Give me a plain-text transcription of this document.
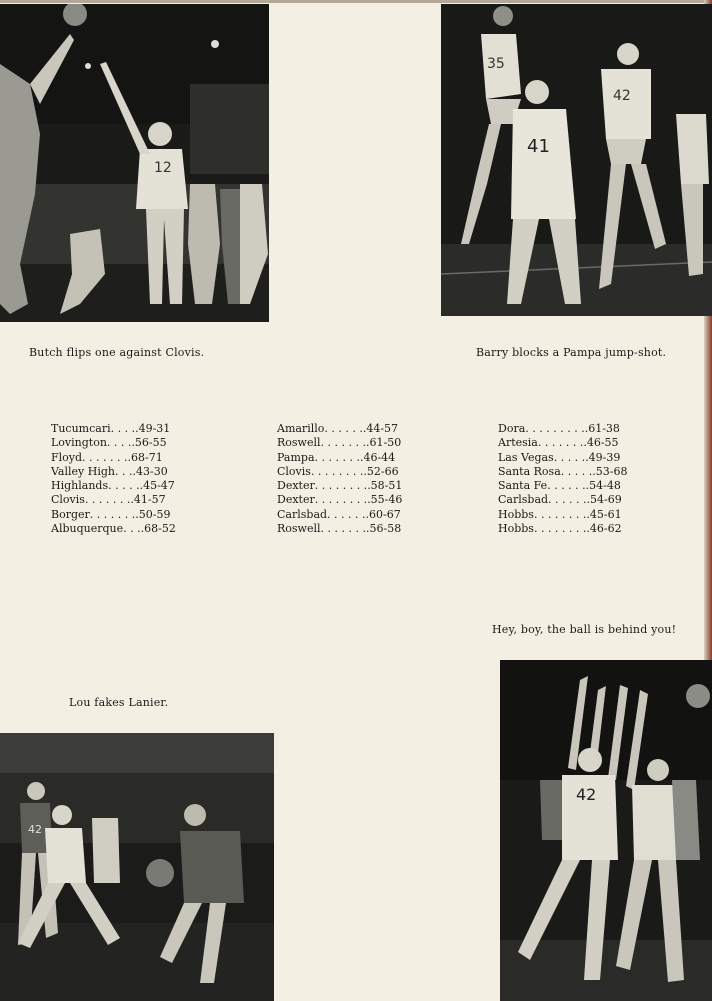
12
35
41
42
Butch flips one against Clovis.	Barry blocks a Pampa jump-shot.
Tucumcari . . . . .49-31
Lovington . . . . .56-55
Floyd . . . . . . . .68-71
Valley High . . . .43-30
Highlands . . . . . .45-47
Clovis . . . . . . . .41-57
Borger . . . . . . . .50-59
Albuquerque . . . .68-52
Amarillo . . . . . . .44-57
Roswell . . . . . . . .61-50
Pampa . . . . . . . .46-44
Clovis . . . . . . . . .52-66
Dexter . . . . . . . . .58-51
Dexter . . . . . . . . .55-46
Carlsbad . . . . . . .60-67
Roswell . . . . . . . .56-58
Dora . . . . . . . . . .61-38
Artesia . . . . . . . .46-55
Las Vegas . . . . . .49-39
Santa Rosa . . . . . .53-68
Santa Fe . . . . . . .54-48
Carlsbad . . . . . . .54-69
Hobbs . . . . . . . . .45-61
Hobbs . . . . . . . . .46-62
Hey, boy, the ball is behind you!
Lou fakes Lanier.
42
42
